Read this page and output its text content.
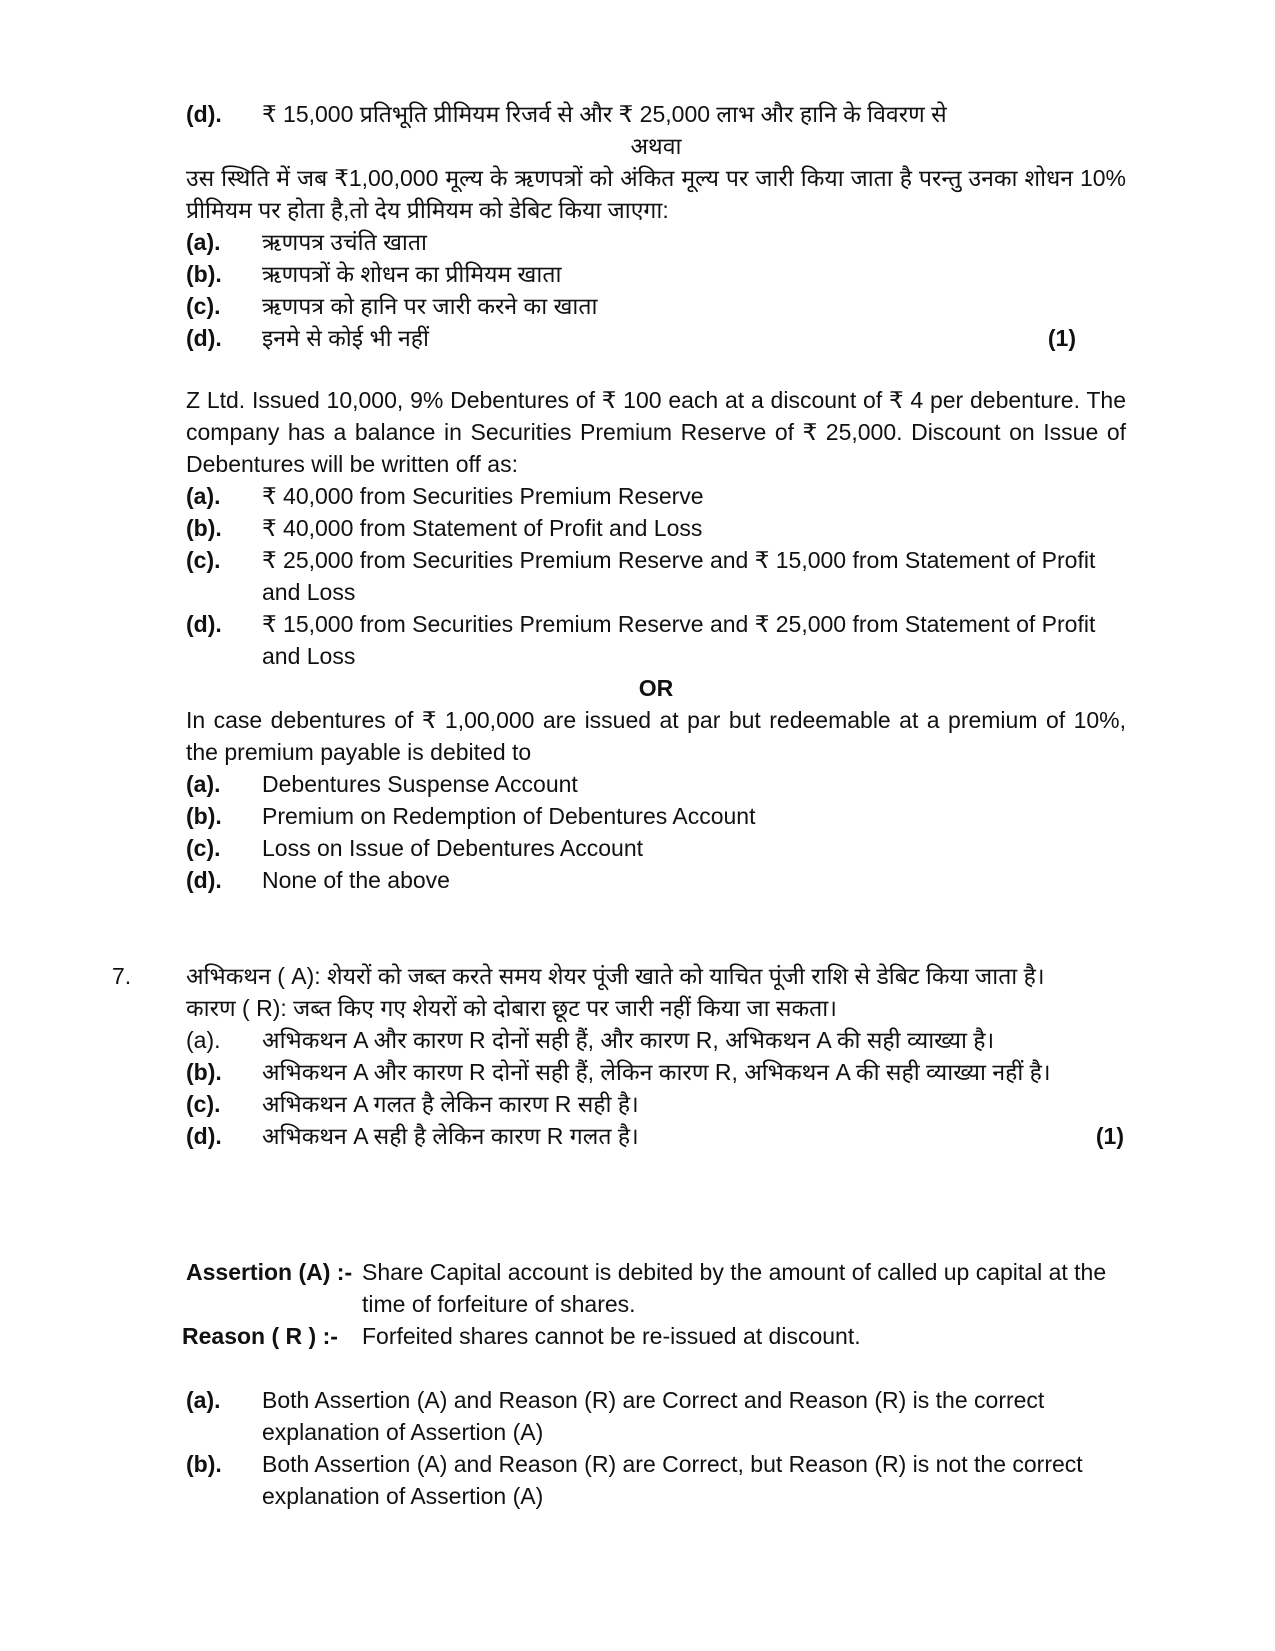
(d). ₹ 15,000 प्रतिभूति प्रीमियम रिजर्व से और ₹ 25,000 लाभ और हानि के विवरण से
अथवा

उस स्थिति में जब ₹1,00,000 मूल्य के ऋणपत्रों को अंकित मूल्य पर जारी किया जाता है परन्तु उनका शोधन 10% प्रीमियम पर होता है,तो देय प्रीमियम को डेबिट किया जाएगा:

(a). ऋणपत्र उचंति खाता
(b). ऋणपत्रों के शोधन का प्रीमियम खाता
(c). ऋणपत्र को हानि पर जारी करने का खाता
(d). इनमे से कोई भी नहीं	(1)

Z Ltd. Issued 10,000, 9% Debentures of ₹ 100 each at a discount of ₹ 4 per debenture. The company has a balance in Securities Premium Reserve of ₹ 25,000. Discount on Issue of Debentures will be written off as:

(a). ₹ 40,000 from Securities Premium Reserve
(b). ₹ 40,000 from Statement of Profit and Loss
(c). ₹ 25,000 from Securities Premium Reserve and ₹ 15,000 from Statement of Profit and Loss
(d). ₹ 15,000 from Securities Premium Reserve and ₹ 25,000 from Statement of Profit and Loss
OR

In case debentures of ₹ 1,00,000 are issued at par but redeemable at a premium of 10%, the premium payable is debited to

(a). Debentures Suspense Account
(b). Premium on Redemption of Debentures Account
(c). Loss on Issue of Debentures Account
(d). None of the above
7. अभिकथन ( A): शेयरों को जब्त करते समय शेयर पूंजी खाते को याचित पूंजी राशि से डेबिट किया जाता है।

कारण ( R): जब्त किए गए शेयरों को दोबारा छूट पर जारी नहीं किया जा सकता।

(a). अभिकथन A और कारण R दोनों सही हैं, और कारण R, अभिकथन A की सही व्याख्या है।
(b). अभिकथन A और कारण R दोनों सही हैं, लेकिन कारण R, अभिकथन A की सही व्याख्या नहीं है।
(c). अभिकथन A गलत है लेकिन कारण R सही है।
(d). अभिकथन A सही है लेकिन कारण R गलत है।	(1)
Assertion (A) :- Share Capital account is debited by the amount of called up capital at the time of forfeiture of shares.
Reason ( R ) :- Forfeited shares cannot be re-issued at discount.
(a). Both Assertion (A) and Reason (R) are Correct and Reason (R) is the correct explanation of Assertion (A)
(b). Both Assertion (A) and Reason (R) are Correct, but Reason (R) is not the correct explanation of Assertion (A)
